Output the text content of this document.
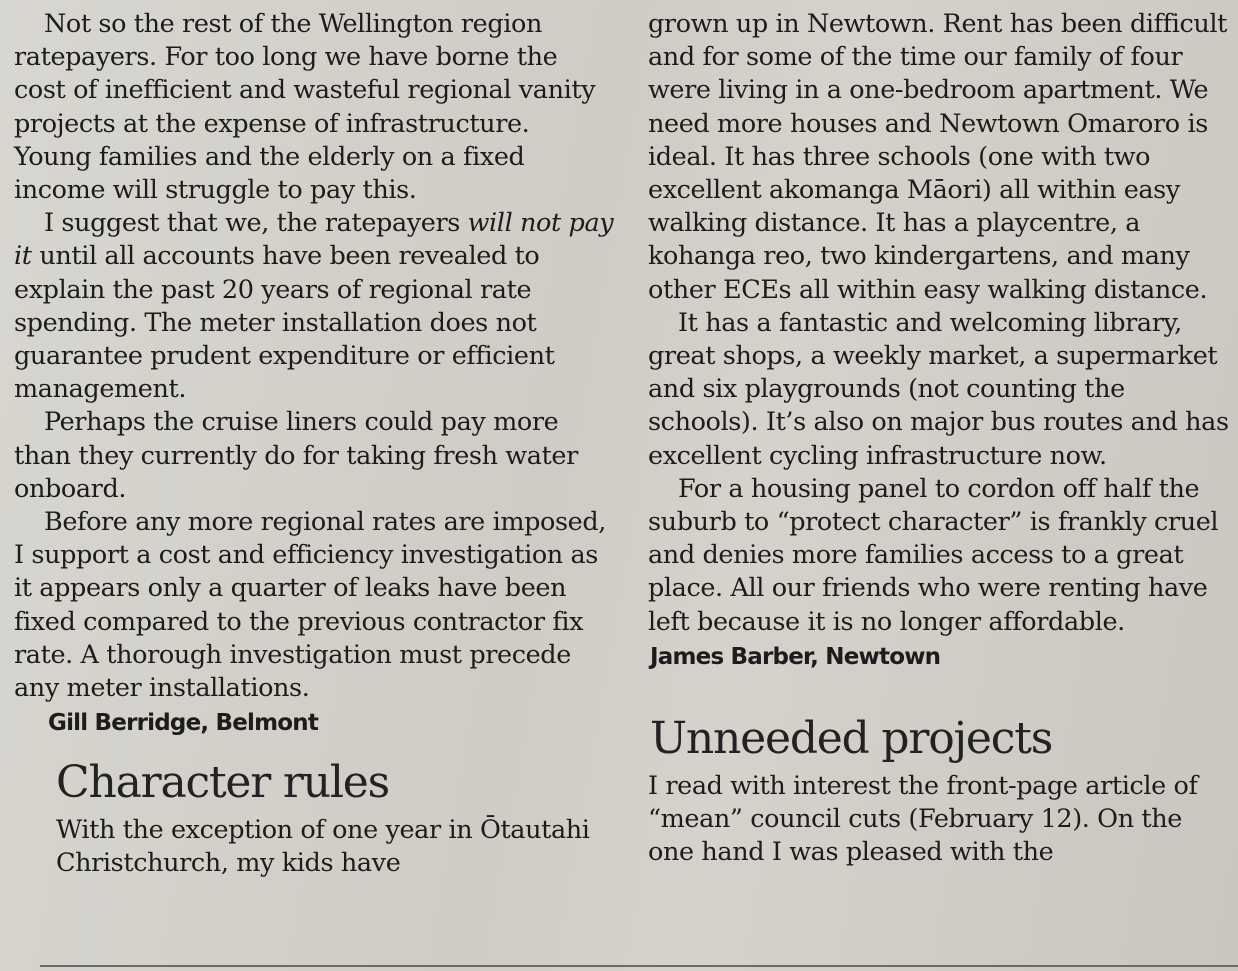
Not so the rest of the Wellington region ratepayers. For too long we have borne the cost of inefficient and wasteful regional vanity projects at the expense of infrastructure. Young families and the elderly on a fixed income will struggle to pay this.

I suggest that we, the ratepayers will not pay it until all accounts have been revealed to explain the past 20 years of regional rate spending. The meter installation does not guarantee prudent expenditure or efficient management.

Perhaps the cruise liners could pay more than they currently do for taking fresh water onboard.

Before any more regional rates are imposed, I support a cost and efficiency investigation as it appears only a quarter of leaks have been fixed compared to the previous contractor fix rate. A thorough investigation must precede any meter installations.

Gill Berridge, Belmont
Character rules

With the exception of one year in Ōtautahi Christchurch, my kids have

grown up in Newtown. Rent has been difficult and for some of the time our family of four were living in a one-bedroom apartment. We need more houses and Newtown Omaroro is ideal. It has three schools (one with two excellent akomanga Māori) all within easy walking distance. It has a playcentre, a kohanga reo, two kindergartens, and many other ECEs all within easy walking distance.

It has a fantastic and welcoming library, great shops, a weekly market, a supermarket and six playgrounds (not counting the schools). It’s also on major bus routes and has excellent cycling infrastructure now.

For a housing panel to cordon off half the suburb to “protect character” is frankly cruel and denies more families access to a great place. All our friends who were renting have left because it is no longer affordable.

James Barber, Newtown
Unneeded projects

I read with interest the front-page article of “mean” council cuts (February 12). On the one hand I was pleased with the
